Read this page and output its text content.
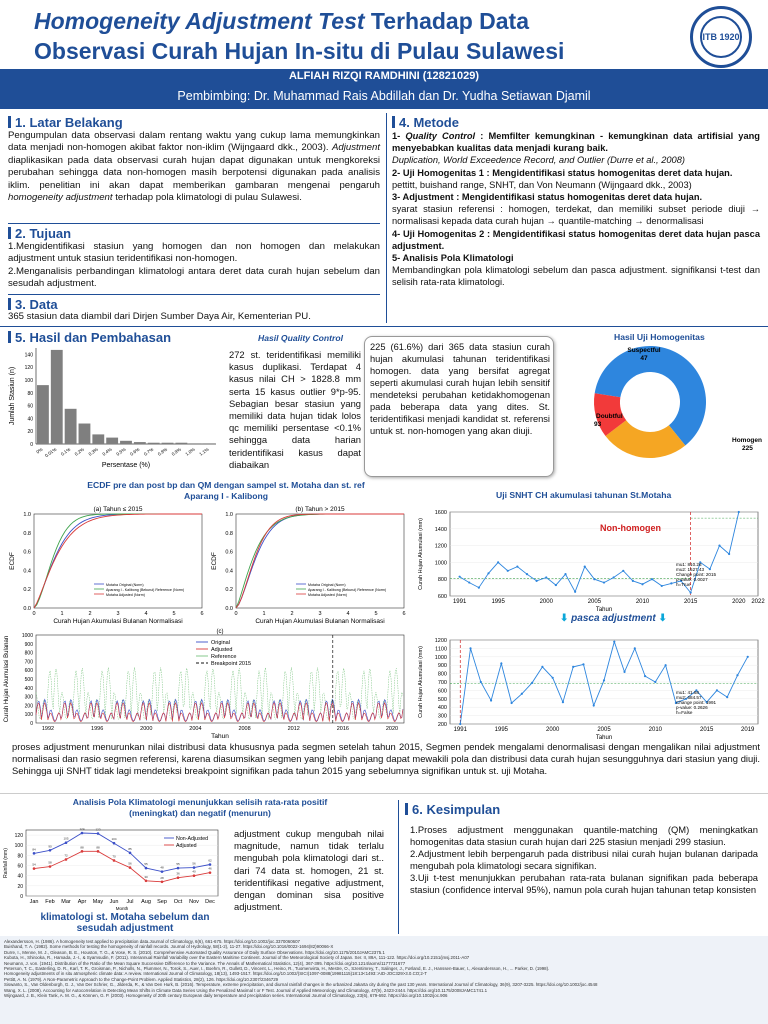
Homogeneity Adjustment Test Terhadap Data
Observasi Curah Hujan In-situ di Pulau Sulawesi
ITB 1920
ALFIAH RIZQI RAMDHINI (12821029)
Pembimbing: Dr. Muhammad Rais Abdillah dan Dr. Yudha Setiawan Djamil
1. Latar Belakang
Pengumpulan data observasi dalam rentang waktu yang cukup lama memungkinkan data menjadi non-homogen akibat faktor non-iklim (Wijngaard dkk., 2003). Adjustment diaplikasikan pada data observasi curah hujan dapat digunakan untuk mengkoreksi perubahan sehingga data non-homogen masih berpotensi digunakan pada analisis iklim. penelitian ini akan dapat memberikan gambaran mengenai pengaruh homogeneity adjustment terhadap pola klimatologi di pulau Sulawesi.
2. Tujuan
1.Mengidentifikasi stasiun yang homogen dan non homogen dan melakukan adjustment untuk stasiun teridentifikasi non-homogen.
2.Menganalisis perbandingan klimatologi antara deret data curah hujan sebelum dan sesudah adjustment.
3. Data
365 stasiun data diambil dari Dirjen Sumber Daya Air, Kementerian PU.
4. Metode
1- Quality Control : Memfilter kemungkinan - kemungkinan data artifisial yang menyebabkan kualitas data menjadi kurang baik.
Duplication, World Exceedence Record, and Outlier (Durre et al., 2008)
2- Uji Homogenitas 1 : Mengidentifikasi status homogenitas deret data hujan.
pettitt, buishand range, SNHT, dan Von Neumann (Wijngaard dkk., 2003)
3- Adjustment : Mengidentifikasi status homogenitas deret data hujan.
syarat stasiun referensi : homogen, terdekat, dan memiliki subset periode diuji → normalisasi kepada data curah hujan → quantile-matching → denormalisasi
4- Uji Homogenitas 2 : Mengidentifikasi status homogenitas deret data hujan pasca adjustment.
5- Analisis Pola Klimatologi
Membandingkan pola klimatologi sebelum dan pasca adjustment. signifikansi t-test dan selisih rata-rata klimatologi.
5. Hasil dan Pembahasan	Hasil Quality Control
0
20
40
60
80
100
120
140
0% 0.01% 0.1% 0.2% 0.3% 0.4% 0.5% 0.6% 0.7% 0.8% 0.9% 1.0% 1.1%
Persentase (%)
Jumlah Stasiun (n)
272 st. teridentifikasi memiliki kasus duplikasi. Terdapat 4 kasus nilai CH > 1828.8 mm serta 15 kasus outlier 9*p-95. Sebagian besar stasiun yang memiliki data hujan tidak lolos qc memiliki persentase <0.1% sehingga data harian teridentifikasi kasus dapat diabaikan
225 (61.6%) dari 365 data stasiun curah hujan akumulasi tahunan teridentifikasi homogen. data yang bersifat agregat seperti akumulasi curah hujan lebih sensitif mendeteksi perubahan ketidakhomogenan pada beberapa data yang dites. St. teridentifikasi menjadi kandidat st. referensi untuk st. non-homogen yang akan diuji.
Hasil Uji Homogenitas
Homogen
225
Doubtful
93
Suspectful
47
ECDF pre dan post bp dan QM dengan sampel st. Motaha dan st. ref
Aparang I - Kalibong
(a) Tahun ≤ 2015
0.0
0.2
0.4
0.6
0.8
1.0
0	1	2	3	4	5	6
Curah Hujan Akumulasi Bulanan Normalisasi
ECDF
Motaha Original (Norm)
Aparang I - Kalibong (Bekurui) Reference (Norm)
Motaha Adjusted (Norm)
(b) Tahun > 2015
0.0
0.2
0.4
0.6
0.8
1.0
0	1	2	3	4	5	6
Curah Hujan Akumulasi Bulanan Normalisasi
ECDF
Motaha Original (Norm)
Aparang I - Kalibong (Bekurui) Reference (Norm)
Motaha Adjusted (Norm)
(c)
0
100
200
300
400
500
600
700
800
900
1000
1992	1996	2000	2004	2008	2012	2016	2020
Tahun
Curah Hujan Akumulasi Bulanan	Original
Adjusted
Reference
Breakpoint 2015
Uji SNHT CH akumulasi tahunan St.Motaha
600
800
1000
1200
1400
1600
1991	1995	2000	2005	2010	2015	2020 2022
Tahun
Curah Hujan Akumulasi (mm)	mu1: 810.26
mu2: 1527.43
Change point: 2015
p-value: 0.0027
h=True
Non-homogen
⬇ pasca adjustment ⬇
200
300
400
500
600
700
800
900
1000
1100
1200
1991	1995	2000	2005	2010	2015	2019
Tahun
Curah Hujan Akumulasi (mm)	mu1: 41.68
mu2: 684.57
Change point: 1991
p-value: 0.2626
h=False
proses adjustment menurunkan nilai distribusi data khususnya pada segmen setelah tahun 2015, Segmen pendek mengalami denormalisasi dengan mengalikan nilai adjustment normalisasi dan rasio segmen referensi, karena diasumsikan segmen yang lebih panjang dapat mewakili pola dan distribusi data curah hujan sesungguhnya dari stasiun yang diuji. Sehingga uji SNHT tidak lagi mendeteksi breakpoint signifikan pada tahun 2015 yang sebelumnya signifikan untuk st. uji Motaha.
Analisis Pola Klimatologi menunjukkan selisih rata-rata positif
(meningkat) dan negatif (menurun)
0
20
40
60
80
100
120
Jan Feb Mar Apr May Jun Jul Aug Sep Oct Nov Dec
Month
Rainfall (mm)	84
90
105
124	123
104
85
55
48
55	56
62
Non-Adjusted
54
58
72
88	88
70
56
30	28
36
40
46
Adjusted
klimatologi st. Motaha sebelum dan
sesudah adjustment
adjustment cukup mengubah nilai magnitude, namun tidak terlalu mengubah pola klimatologi dari st.. dari 74 data st. homogen, 21 st. teridentifikasi negative adjustment, dengan dominan sisa positive adjustment.
6. Kesimpulan
1.Proses adjustment menggunakan quantile-matching (QM) meningkatkan homogenitas data stasiun curah hujan dari 225 stasiun menjadi 299 stasiun.
2.Adjustment lebih berpengaruh pada distribusi nilai curah hujan bulanan daripada mengubah pola klimatologi secara signifikan.
3.Uji t-test menunjukkan perubahan rata-rata bulanan signifikan pada beberapa stasiun (confidence interval 95%), namun pola curah hujan tahunan tetap konsisten
Alexandersson, H. (1986). A homogeneity test applied to precipitation data.Journal of Climatology, 6(6), 661-675. https://doi.org/10.1002/joc.3370060607
Buishand, T. A. (1982). Some methods for testing the homogeneity of rainfall records. Journal of Hydrology, 58(1-2), 11-27. https://doi.org/10.1016/0022-1694(82)90066-X
Durre, I., Menne, M. J., Gleason, B. E., Houston, T. G., & Vose, R. S. (2010). Comprehensive Automated Quality Assurance of Daily Surface Observations. https://doi.org/10.1175/2010JAMC2375.1
Kubota, H., Shirooka, R., Hamada, J.-I., & Syamsudin, F. (2011). Interannual Rainfall Variability over the Eastern Maritime Continent. Journal of the Meteorological Society of Japan. Ser. II, 89A, 111-122. https://doi.org/10.2151/jmsj.2011-A07
Neumann, J. von. (1941). Distribution of the Ratio of the Mean Square Successive Difference to the Variance. The Annals of Mathematical Statistics, 12(4), 367-395. https://doi.org/10.1214/aoms/1177731677
Peterson, T. C., Easterling, D. R., Karl, T. R., Groisman, P., Nicholls, N., Plummer, N., Torok, S., Auer, I., Boehm, R., Gullett, D., Vincent, L., Heino, R., Tuomenvirta, H., Mestre, O., Szentimrey, T., Salinger, J., Førland, E. J., Hanssen-Bauer, I., Alexandersson, H., ... Parker, D. (1998).
Homogeneity adjustments of in situ atmospheric climate data: A review. International Journal of Climatology, 18(13), 1493-1517. https://doi.org/10.1002/(SICI)1097-0088(19981115)18:13<1493::AID-JOC329>3.0.CO;2-T
Pettitt, A. N. (1979). A Non-Parametric Approach to the Change-Point Problem. Applied Statistics, 28(2), 126. https://doi.org/10.2307/2346729
Siswanto, S., Van Oldenborgh, G. J., Van Der Schrier, G., Jilderda, R., & Van Den Hurk, B. (2016). Temperature, extreme precipitation, and diurnal rainfall changes in the urbanized Jakarta city during the past 130 years. International Journal of Climatology, 36(9), 3207-3225. https://doi.org/10.1002/joc.4548
Wang, X. L. (2008). Accounting for Autocorrelation in Detecting Mean Shifts in Climate Data Series Using the Penalized Maximal t or F Test. Journal of Applied Meteorology and Climatology, 47(9), 2423-2444. https://doi.org/10.1175/2008JAMC1741.1
Wijngaard, J. B., Klein Tank, A. M. G., & Können, G. P. (2003). Homogeneity of 20th century European daily temperature and precipitation series. International Journal of Climatology, 23(6), 679-692. https://doi.org/10.1002/joc.906
